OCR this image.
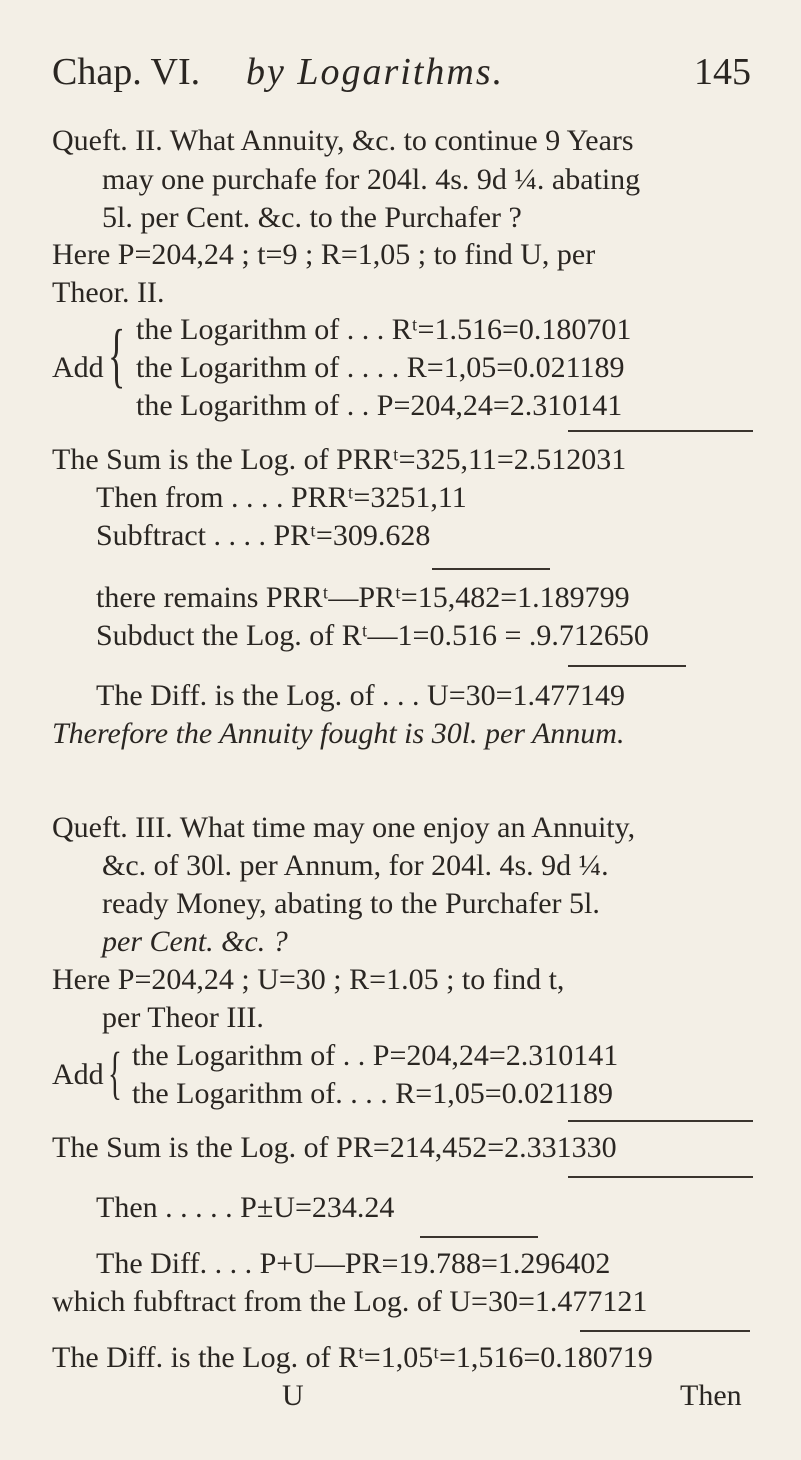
Chap. VI. by Logarithms.	145
Queft. II. What Annuity, &c. to continue 9 Years
may one purchafe for 204l. 4s. 9d ¼. abating
5l. per Cent. &c. to the Purchafer ?
Here P=204,24 ; t=9 ; R=1,05 ; to find U, per
Theor. II.
Add { the Logarithm of . . . Rᵗ=1.516=0.180701
the Logarithm of . . . . R=1,05=0.021189
the Logarithm of . . P=204,24=2.310141
The Sum is the Log. of PRRᵗ=325,11=2.512031
Then from . . . . PRRᵗ=3251,11
Subftract . . . . PRᵗ=309.628
there remains PRRᵗ—PRᵗ=15,482=1.189799
Subduct the Log. of Rᵗ—1=0.516 = .9.712650
The Diff. is the Log. of . . . U=30=1.477149
Therefore the Annuity fought is 30l. per Annum.
Queft. III. What time may one enjoy an Annuity,
&c. of 30l. per Annum, for 204l. 4s. 9d ¼.
ready Money, abating to the Purchafer 5l.
per Cent. &c. ?
Here P=204,24 ; U=30 ; R=1.05 ; to find t,
per Theor III.
Add { the Logarithm of . . P=204,24=2.310141
the Logarithm of. . . . R=1,05=0.021189
The Sum is the Log. of PR=214,452=2.331330
Then . . . . . P±U=234.24
The Diff. . . . P+U—PR=19.788=1.296402
which fubftract from the Log. of U=30=1.477121
The Diff. is the Log. of Rᵗ=1,05ᵗ=1,516=0.180719
U	Then
